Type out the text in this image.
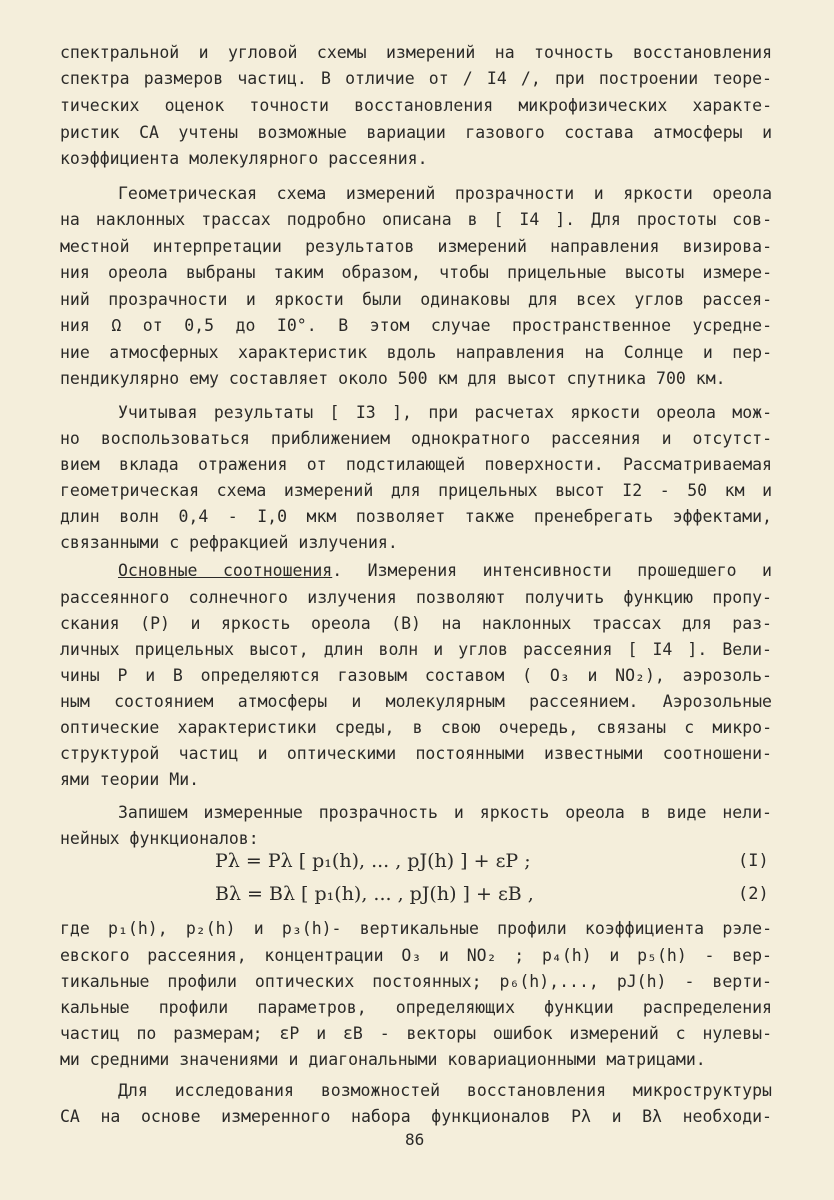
спектральной и угловой схемы измерений на точность восстановления
спектра размеров частиц. В отличие от / I4 /, при построении теоре-
тических оценок точности восстановления микрофизических характе-
ристик СА учтены возможные вариации газового состава атмосферы и
коэффициента молекулярного рассеяния.
Геометрическая схема измерений прозрачности и яркости ореола
на наклонных трассах подробно описана в [ I4 ]. Для простоты сов-
местной интерпретации результатов измерений направления визирова-
ния ореола выбраны таким образом, чтобы прицельные высоты измере-
ний прозрачности и яркости были одинаковы для всех углов рассея-
ния Ω от 0,5 до I0°. В этом случае пространственное усредне-
ние атмосферных характеристик вдоль направления на Солнце и пер-
пендикулярно ему составляет около 500 км для высот спутника 700 км.
Учитывая результаты [ I3 ], при расчетах яркости ореола мож-
но воспользоваться приближением однократного рассеяния и отсутст-
вием вклада отражения от подстилающей поверхности. Рассматриваемая
геометрическая схема измерений для прицельных высот I2 - 50 км и
длин волн 0,4 - I,0 мкм позволяет также пренебрегать эффектами,
связанными с рефракцией излучения.
Основные соотношения. Измерения интенсивности прошедшего и
рассеянного солнечного излучения позволяют получить функцию пропу-
скания (P) и яркость ореола (B) на наклонных трассах для раз-
личных прицельных высот, длин волн и углов рассеяния [ I4 ]. Вели-
чины P и B определяются газовым составом ( O₃ и NO₂), аэрозоль-
ным состоянием атмосферы и молекулярным рассеянием. Аэрозольные
оптические характеристики среды, в свою очередь, связаны с микро-
структурой частиц и оптическими постоянными известными соотношени-
ями теории Ми.
Запишем измеренные прозрачность и яркость ореола в виде нели-
нейных функционалов:
Pλ = Pλ [ p₁(h), ... , pJ(h) ] + εP ;	(I)
Bλ = Bλ [ p₁(h), ... , pJ(h) ] + εB ,	(2)
где p₁(h), p₂(h) и p₃(h)- вертикальные профили коэффициента рэле-
евского рассеяния, концентрации O₃ и NO₂ ; p₄(h) и p₅(h) - вер-
тикальные профили оптических постоянных; p₆(h),..., pJ(h) - верти-
кальные профили параметров, определяющих функции распределения
частиц по размерам; εP и εB - векторы ошибок измерений с нулевы-
ми средними значениями и диагональными ковариационными матрицами.
Для исследования возможностей восстановления микроструктуры
СА на основе измеренного набора функционалов Pλ и Bλ необходи-
86
